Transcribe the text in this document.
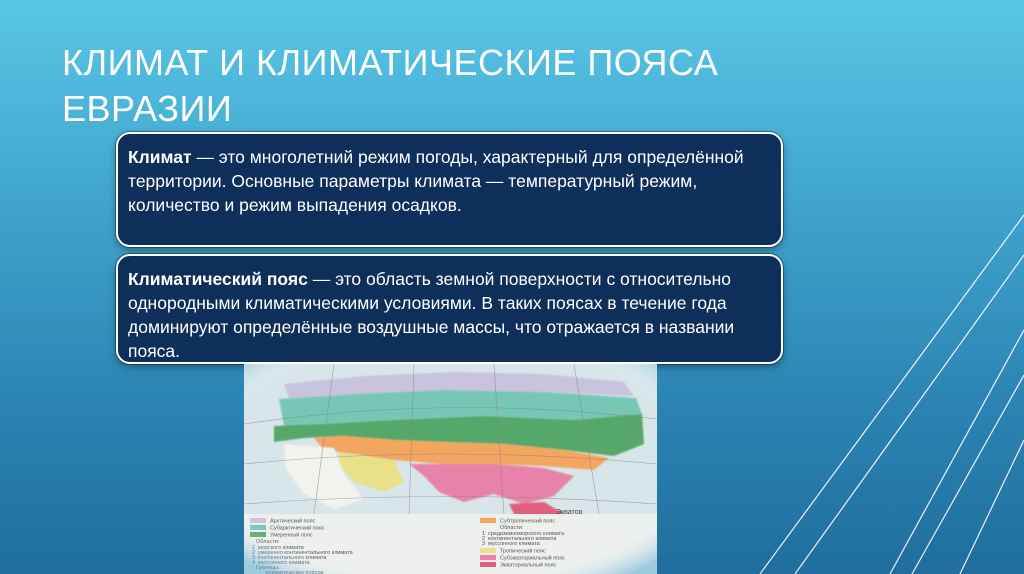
КЛИМАТ И КЛИМАТИЧЕСКИЕ ПОЯСА ЕВРАЗИИ
Климат — это многолетний режим погоды, характерный для определённой территории. Основные параметры климата — температурный режим, количество и режим выпадения осадков.
Климатический пояс — это область земной поверхности с относительно однородными климатическими условиями. В таких поясах в течение года доминируют определённые воздушные массы, что отражается в названии пояса.
